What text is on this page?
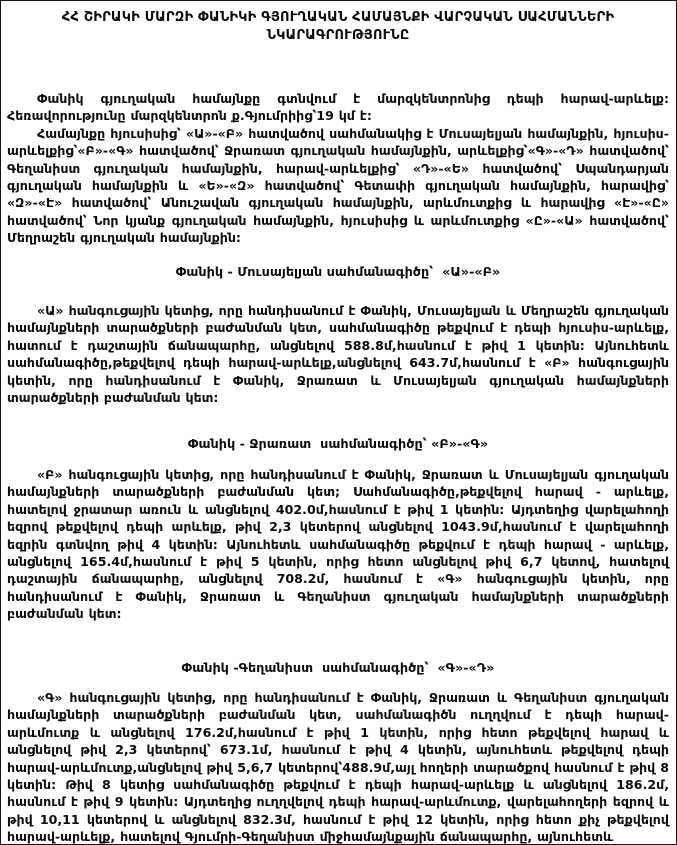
ՀՀ ՇԻՐԱԿԻ ՄԱՐԶԻ ՓԱՆԻԿԻ ԳՅՈՒՂԱԿԱՆ ՀԱՄԱՅՆՔԻ ՎԱՐՉԱԿԱՆ ՍԱՀՄԱՆՆԵՐԻ ՆԿԱՐԱԳՐՈՒԹՅՈՒՆԸ

Փանիկ գյուղական համայնքը գտնվում է մարզկենտրոնից դեպի հարավ-արևելք: Հեռավորությունը մարզկենտրոն ք.Գյումրիից՝19 կմ է:

Համայնքը հյուսիսից՝ «Ա»-«Բ» հատվածով սահմանակից է Մուսայելյան համայնքին, հյուսիս-արևելքից՝«Բ»-«Գ» հատվածով՝ Ջրառատ գյուղական համայնքին, արևելքից՝«Գ»-«Դ» հատվածով՝ Գեղանիստ գյուղական համայնքին, հարավ-արևելքից՝ «Դ»-«Ե» հատվածով՝ Սպանդարյան գյուղական համայնքին և «Ե»-«Զ» հատվածով՝ Գետափի գյուղական համայնքին, հարավից՝ «Զ»-«Է» հատվածով՝ Անուշավան գյուղական համայնքին, արևմուտքից և հարավից «Է»-«Ը» հատվածով՝ Նոր կյանք գյուղական համայնքին, հյուսիսից և արևմուտքից «Ը»-«Ա» հատվածով՝ Մեղրաշեն գյուղական համայնքին:

Փանիկ - Մուսայելյան սահմանագիծը՝  «Ա»-«Բ»

«Ա» հանգուցային կետից, որը հանդիսանում է Փանիկ, Մուսայելյան և Մեղրաշեն գյուղական համայնքների տարածքների բաժանման կետ, սահմանագիծը թեքվում է դեպի հյուսիս-արևելք, հատում է դաշտային ճանապարհը, անցնելով 588.8մ,հասնում է թիվ 1 կետին: Այնուհետև սահմանագիծը,թեքվելով դեպի հարավ-արևելք,անցնելով 643.7մ,հասնում է «Բ» հանգուցային կետին, որը հանդիսանում է Փանիկ, Ջրառատ և Մուսայելյան գյուղական համայնքների տարածքների բաժանման կետ:

Փանիկ - Ջրառատ  սահմանագիծը՝ «Բ»-«Գ»

«Բ» հանգուցային կետից, որը հանդիսանում է Փանիկ, Ջրառատ և Մուսայելյան գյուղական համայնքների տարածքների բաժանման կետ; Սահմանագիծը,թեքվելով հարավ - արևելք, հատելով ջրատար առուն և անցնելով 402.0մ,հասնում է թիվ 1 կետին: Այդտեղից վարելահողի եզրով թեքվելով դեպի արևելք, թիվ 2,3 կետերով անցնելով 1043.9մ,հասնում է վարելահողի եզրին գտնվող թիվ 4 կետին: Այնուհետև սահմանագիծը թեքվում է դեպի հարավ - արևելք, անցնելով 165.4մ,հասնում է թիվ 5 կետին, որից հետո անցնելով թիվ 6,7 կետով, հատելով դաշտային ճանապարհը, անցնելով 708.2մ, հասնում է «Գ» հանգուցային կետին, որը հանդիսանում է Փանիկ, Ջրառատ և Գեղանիստ գյուղական համայնքների տարածքների բաժանման կետ:

Փանիկ -Գեղանիստ  սահմանագիծը՝  «Գ»-«Դ»

«Գ» հանգուցային կետից, որը հանդիսանում է Փանիկ, Ջրառատ և Գեղանիստ գյուղական համայնքների տարածքների բաժանման կետ, սահմանագիծն ուղղվում է դեպի հարավ-արևմուտք և անցնելով 176.2մ,հասնում է թիվ 1 կետին, որից հետո թեքվելով հարավ և անցնելով թիվ 2,3 կետերով՝ 673.1մ, հասնում է թիվ 4 կետին, այնուհետև թեքվելով դեպի հարավ-արևմուտք,անցնելով թիվ 5,6,7 կետերով՝488.9մ,այլ հողերի տարածքով հասնում է թիվ 8 կետին: Թիվ 8 կետից սահմանագիծը թեքվում է դեպի հարավ-արևելք և անցնելով 186.2մ, հասնում է թիվ 9 կետին: Այդտեղից ուղղվելով դեպի հարավ-արևմուտք, վարելահողերի եզրով և թիվ 10,11 կետերով և անցնելով 832.3մ, հասնում է թիվ 12 կետին, որից հետո քիչ թեքվելով հարավ-արևելք, հատելով Գյումրի-Գեղանիստ միջհամայնքային ճանապարհը, այնուհետև
